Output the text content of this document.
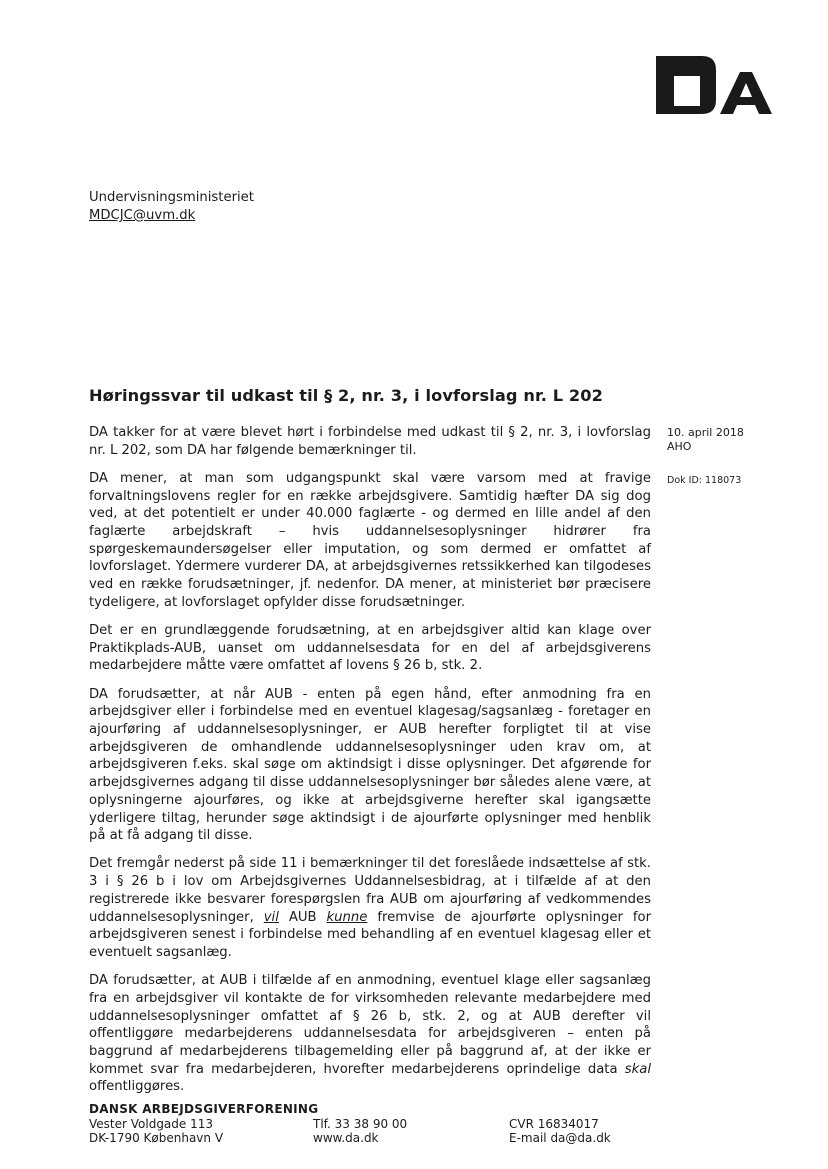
Undervisningsministeriet
MDCJC@uvm.dk
Høringssvar til udkast til § 2, nr. 3, i lovforslag nr. L 202

DA takker for at være blevet hørt i forbindelse med udkast til § 2, nr. 3, i lovforslag nr. L 202, som DA har følgende bemærkninger til.

DA mener, at man som udgangspunkt skal være varsom med at fravige forvaltningslovens regler for en række arbejdsgivere. Samtidig hæfter DA sig dog ved, at det potentielt er under 40.000 faglærte - og dermed en lille andel af den faglærte arbejdskraft – hvis uddannelsesoplysninger hidrører fra spørgeskemaundersøgelser eller imputation, og som dermed er omfattet af lovforslaget. Ydermere vurderer DA, at arbejdsgivernes retssikkerhed kan tilgodeses ved en række forudsætninger, jf. nedenfor. DA mener, at ministeriet bør præcisere tydeligere, at lovforslaget opfylder disse forudsætninger.

Det er en grundlæggende forudsætning, at en arbejdsgiver altid kan klage over Praktikplads-AUB, uanset om uddannelsesdata for en del af arbejdsgiverens medarbejdere måtte være omfattet af lovens § 26 b, stk. 2.

DA forudsætter, at når AUB - enten på egen hånd, efter anmodning fra en arbejdsgiver eller i forbindelse med en eventuel klagesag/sagsanlæg - foretager en ajourføring af uddannelsesoplysninger, er AUB herefter forpligtet til at vise arbejdsgiveren de omhandlende uddannelsesoplysninger uden krav om, at arbejdsgiveren f.eks. skal søge om aktindsigt i disse oplysninger. Det afgørende for arbejdsgivernes adgang til disse uddannelsesoplysninger bør således alene være, at oplysningerne ajourføres, og ikke at arbejdsgiverne herefter skal igangsætte yderligere tiltag, herunder søge aktindsigt i de ajourførte oplysninger med henblik på at få adgang til disse.

Det fremgår nederst på side 11 i bemærkninger til det foreslåede indsættelse af stk. 3 i § 26 b i lov om Arbejdsgivernes Uddannelsesbidrag, at i tilfælde af at den registrerede ikke besvarer forespørgslen fra AUB om ajourføring af vedkommendes uddannelsesoplysninger, vil AUB kunne fremvise de ajourførte oplysninger for arbejdsgiveren senest i forbindelse med behandling af en eventuel klagesag eller et eventuelt sagsanlæg.

DA forudsætter, at AUB i tilfælde af en anmodning, eventuel klage eller sagsanlæg fra en arbejdsgiver vil kontakte de for virksomheden relevante medarbejdere med uddannelsesoplysninger omfattet af § 26 b, stk. 2, og at AUB derefter vil offentliggøre medarbejderens uddannelsesdata for arbejdsgiveren – enten på baggrund af medarbejderens tilbagemelding eller på baggrund af, at der ikke er kommet svar fra medarbejderen, hvorefter medarbejderens oprindelige data skal offentliggøres.

10. april 2018
AHO
Dok ID: 118073
DANSK ARBEJDSGIVERFORENING
Vester Voldgade 113	Tlf. 33 38 90 00	CVR 16834017
DK-1790 København V	www.da.dk	E-mail da@da.dk
